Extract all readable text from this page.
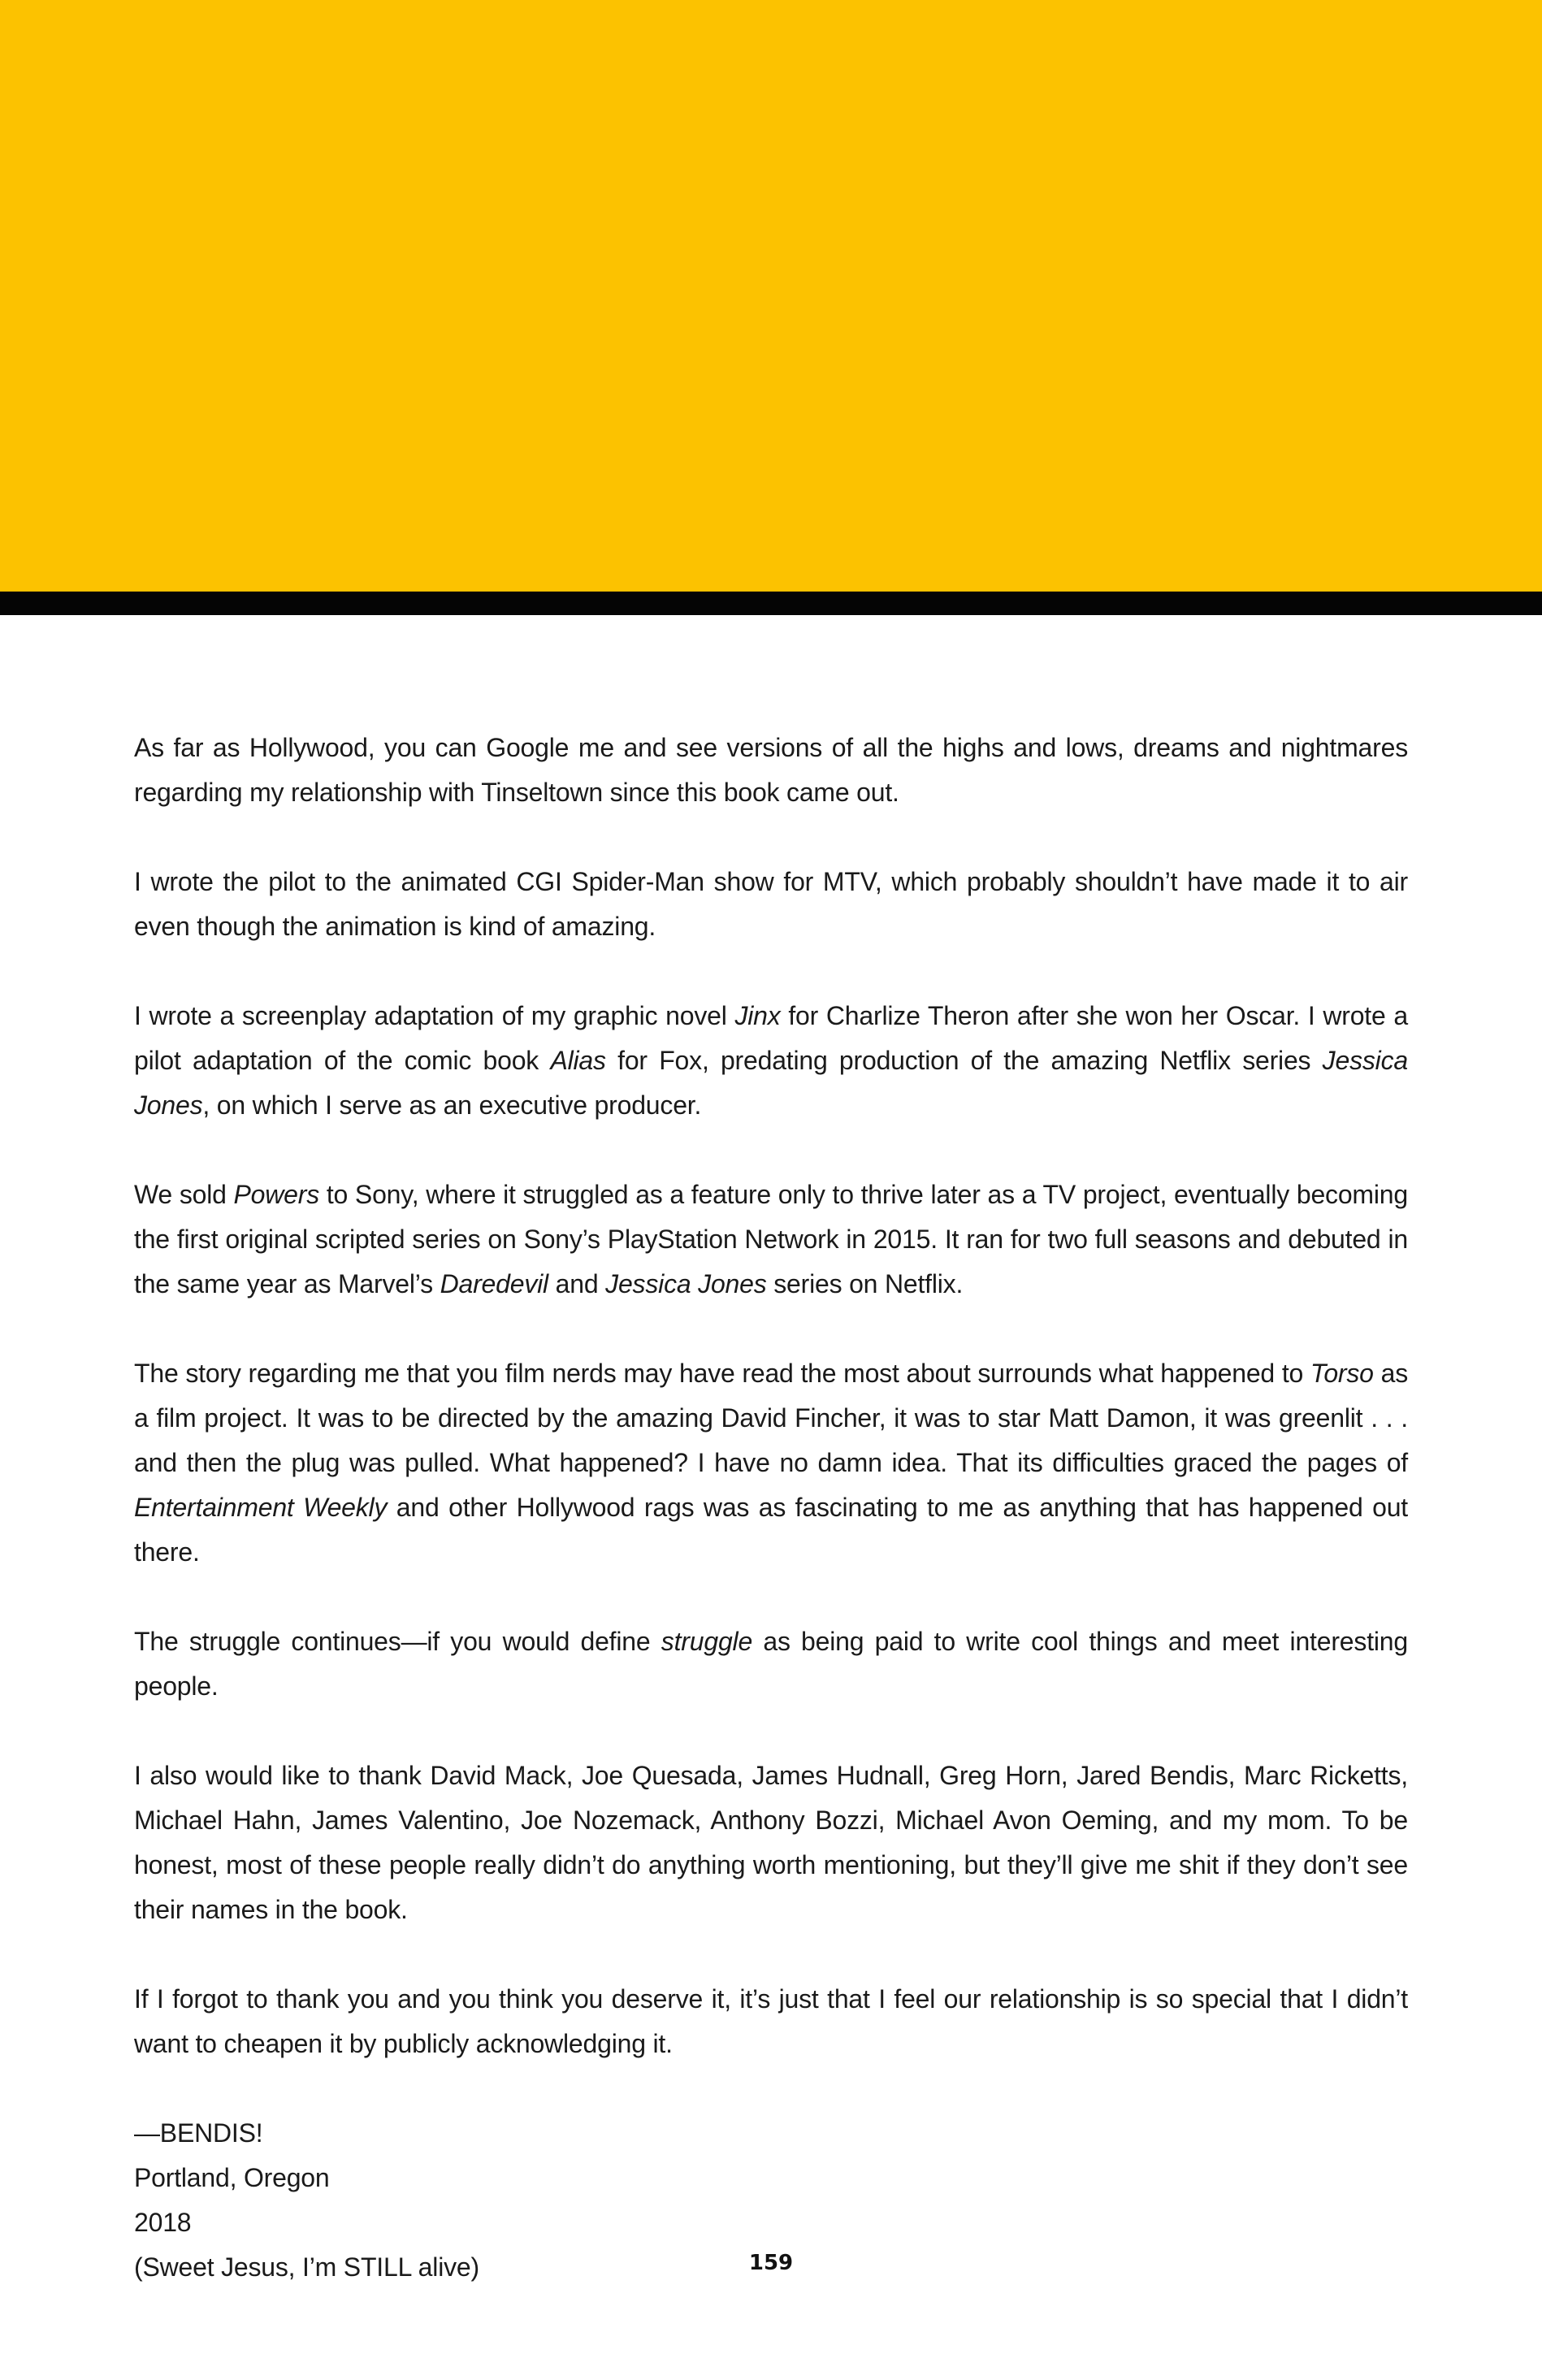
As far as Hollywood, you can Google me and see versions of all the highs and lows, dreams and nightmares regarding my relationship with Tinseltown since this book came out.

I wrote the pilot to the animated CGI Spider-Man show for MTV, which probably shouldn’t have made it to air even though the animation is kind of amazing.

I wrote a screenplay adaptation of my graphic novel Jinx for Charlize Theron after she won her Oscar. I wrote a pilot adaptation of the comic book Alias for Fox, predating production of the amazing Netflix series Jessica Jones, on which I serve as an executive producer.

We sold Powers to Sony, where it struggled as a feature only to thrive later as a TV project, eventually becoming the first original scripted series on Sony’s PlayStation Network in 2015. It ran for two full seasons and debuted in the same year as Marvel’s Daredevil and Jessica Jones series on Netflix.

The story regarding me that you film nerds may have read the most about surrounds what happened to Torso as a film project. It was to be directed by the amazing David Fincher, it was to star Matt Damon, it was greenlit . . . and then the plug was pulled. What happened? I have no damn idea. That its difficulties graced the pages of Entertainment Weekly and other Hollywood rags was as fascinating to me as anything that has happened out there.

The struggle continues—if you would define struggle as being paid to write cool things and meet interesting people.

I also would like to thank David Mack, Joe Quesada, James Hudnall, Greg Horn, Jared Bendis, Marc Ricketts, Michael Hahn, James Valentino, Joe Nozemack, Anthony Bozzi, Michael Avon Oeming, and my mom. To be honest, most of these people really didn’t do anything worth mentioning, but they’ll give me shit if they don’t see their names in the book.

If I forgot to thank you and you think you deserve it, it’s just that I feel our relationship is so special that I didn’t want to cheapen it by publicly acknowledging it.

—BENDIS!
Portland, Oregon
2018
(Sweet Jesus, I’m STILL alive)	159
